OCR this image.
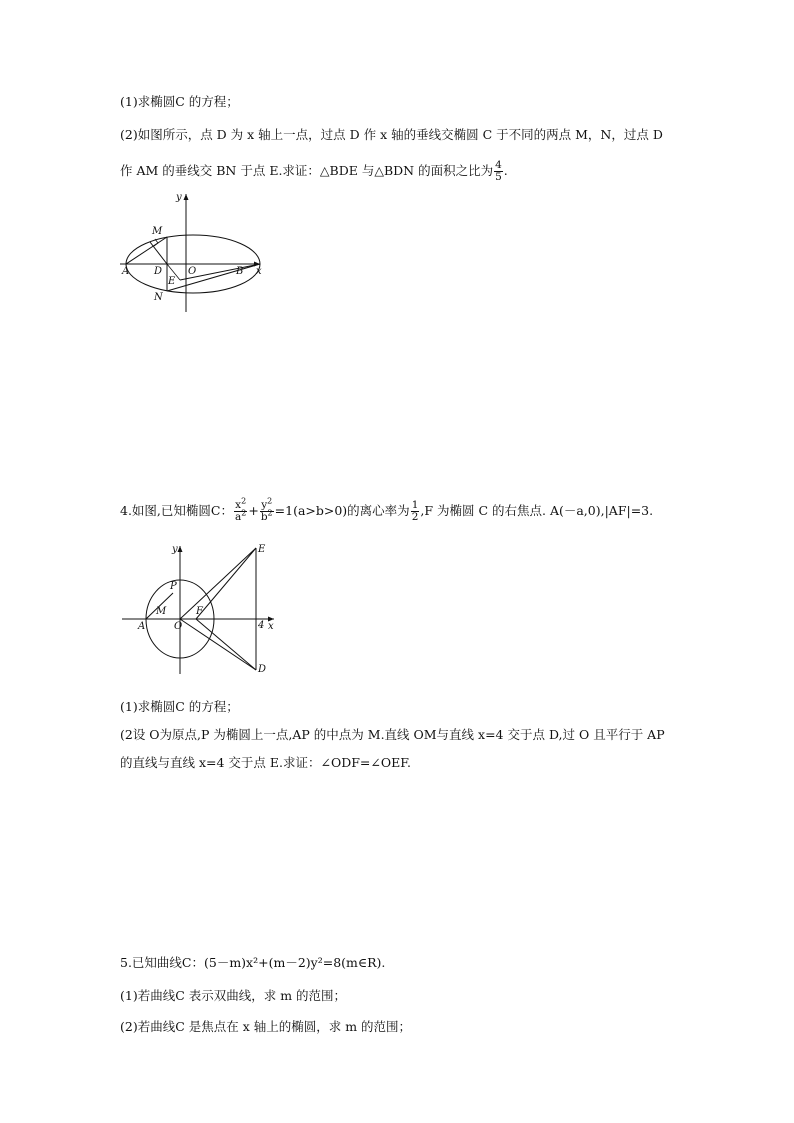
(1)求椭圆C 的方程；
(2)如图所示，点 D 为 x 轴上一点，过点 D 作 x 轴的垂线交椭圆 C 于不同的两点 M，N，过点 D
作 AM 的垂线交 BN 于点 E.求证：△BDE 与△BDN 的面积之比为 $\frac{4}{5}$ .
y
x
M
A D	O
E
B
N
4.如图,已知椭圆C： $\frac{x^2}{a^2} + \frac{y^2}{b^2} =1(a>b>0)$的离心率为 $\frac{1}{2} ,F$ 为椭圆 C 的右焦点. A(－a,0),|AF|=3.
y
x
E
P
M
A	O
F
4
D
(1)求椭圆C 的方程；
(2设 O为原点,P 为椭圆上一点,AP 的中点为 M.直线 OM与直线 x=4 交于点 D,过 O 且平行于 AP
的直线与直线 x=4 交于点 E.求证：∠ODF=∠OEF.
5.已知曲线C：(5－m)x²+(m－2)y²=8(m∈R).
(1)若曲线C 表示双曲线，求 m 的范围；
(2)若曲线C 是焦点在 x 轴上的椭圆，求 m 的范围；
